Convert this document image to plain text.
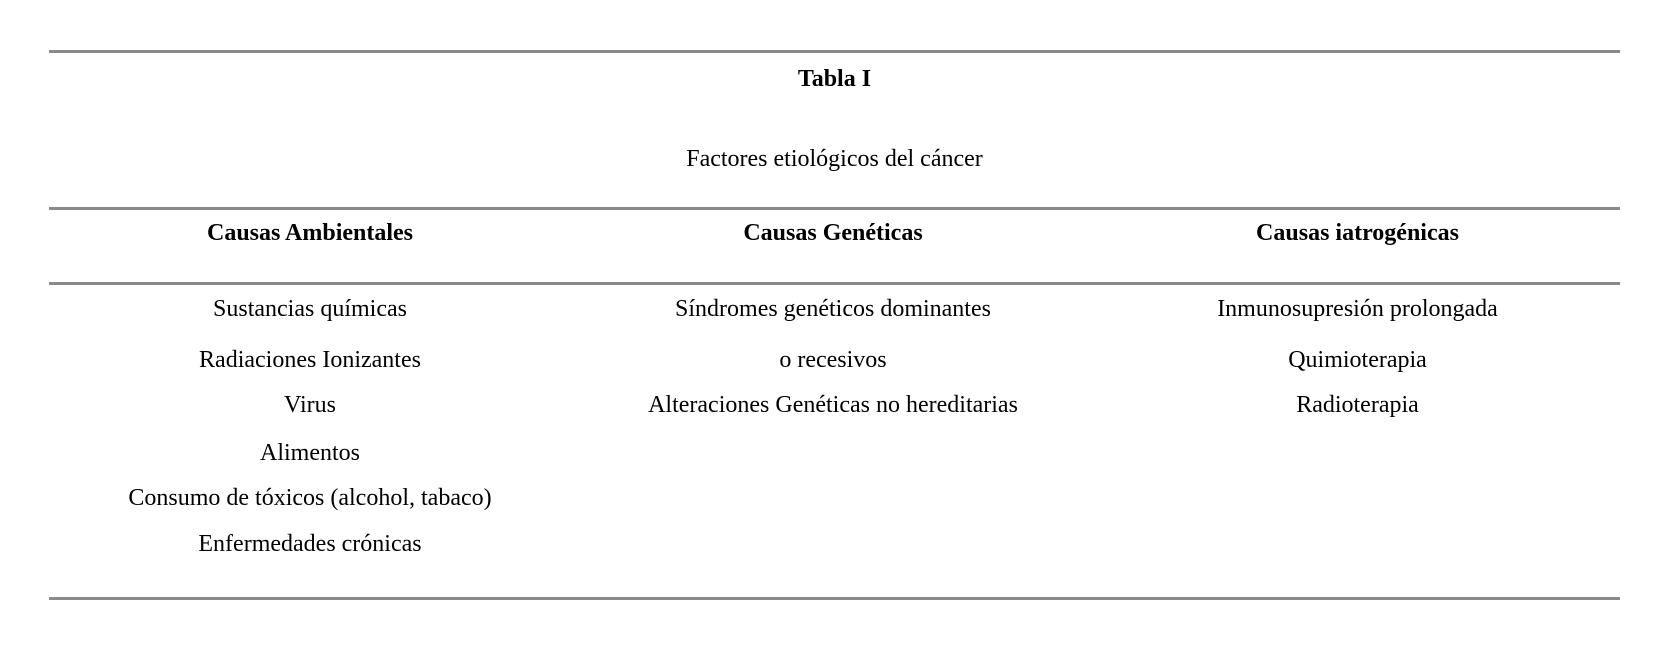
Tabla I
Factores etiológicos del cáncer
Causas Ambientales	Causas Genéticas	Causas iatrogénicas
Sustancias químicas
Radiaciones Ionizantes
Virus
Alimentos
Consumo de tóxicos (alcohol, tabaco)
Enfermedades crónicas
Síndromes genéticos dominantes
o recesivos
Alteraciones Genéticas no hereditarias
Inmunosupresión prolongada
Quimioterapia
Radioterapia
